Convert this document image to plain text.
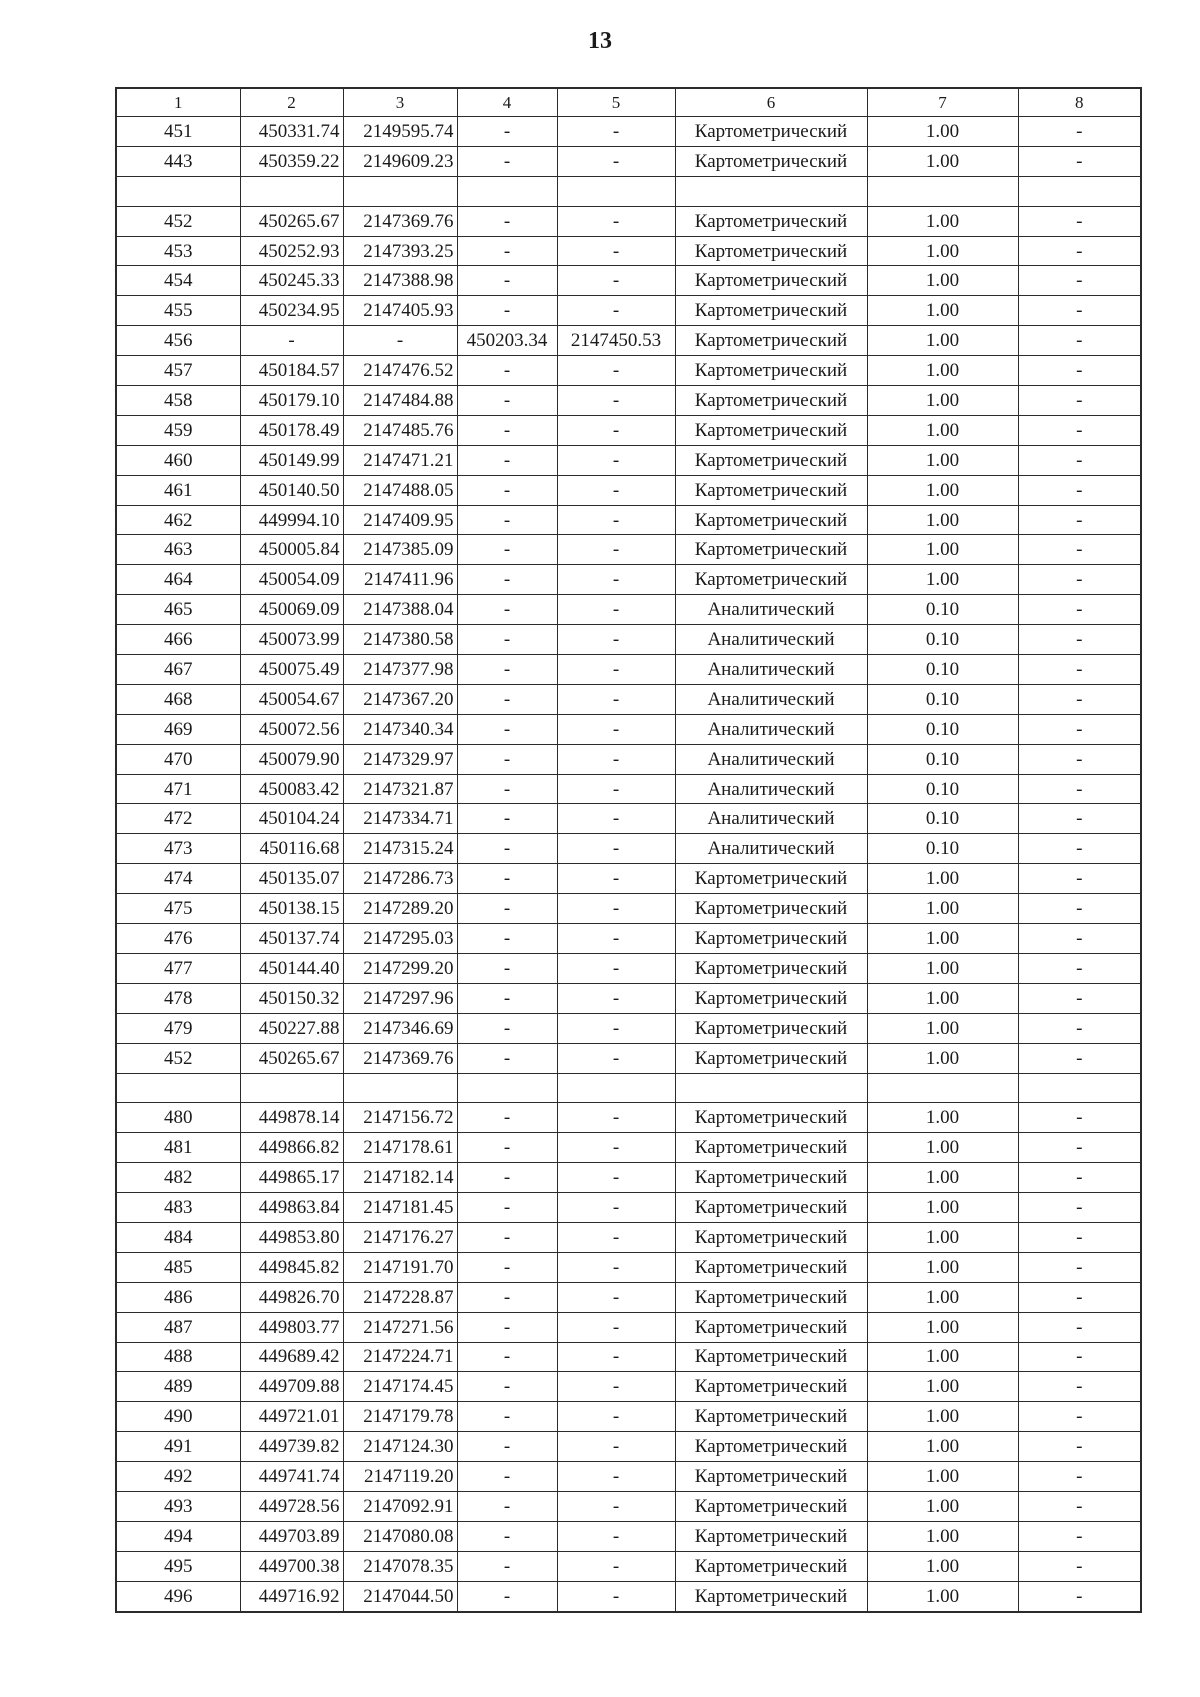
13
1	2	3	4	5	6	7	8
451	450331.74	2149595.74	-	-	Картометрический	1.00	-
443	450359.22	2149609.23	-	-	Картометрический	1.00	-

452	450265.67	2147369.76	-	-	Картометрический	1.00	-
453	450252.93	2147393.25	-	-	Картометрический	1.00	-
454	450245.33	2147388.98	-	-	Картометрический	1.00	-
455	450234.95	2147405.93	-	-	Картометрический	1.00	-
456	-	-	450203.34	2147450.53	Картометрический	1.00	-
457	450184.57	2147476.52	-	-	Картометрический	1.00	-
458	450179.10	2147484.88	-	-	Картометрический	1.00	-
459	450178.49	2147485.76	-	-	Картометрический	1.00	-
460	450149.99	2147471.21	-	-	Картометрический	1.00	-
461	450140.50	2147488.05	-	-	Картометрический	1.00	-
462	449994.10	2147409.95	-	-	Картометрический	1.00	-
463	450005.84	2147385.09	-	-	Картометрический	1.00	-
464	450054.09	2147411.96	-	-	Картометрический	1.00	-
465	450069.09	2147388.04	-	-	Аналитический	0.10	-
466	450073.99	2147380.58	-	-	Аналитический	0.10	-
467	450075.49	2147377.98	-	-	Аналитический	0.10	-
468	450054.67	2147367.20	-	-	Аналитический	0.10	-
469	450072.56	2147340.34	-	-	Аналитический	0.10	-
470	450079.90	2147329.97	-	-	Аналитический	0.10	-
471	450083.42	2147321.87	-	-	Аналитический	0.10	-
472	450104.24	2147334.71	-	-	Аналитический	0.10	-
473	450116.68	2147315.24	-	-	Аналитический	0.10	-
474	450135.07	2147286.73	-	-	Картометрический	1.00	-
475	450138.15	2147289.20	-	-	Картометрический	1.00	-
476	450137.74	2147295.03	-	-	Картометрический	1.00	-
477	450144.40	2147299.20	-	-	Картометрический	1.00	-
478	450150.32	2147297.96	-	-	Картометрический	1.00	-
479	450227.88	2147346.69	-	-	Картометрический	1.00	-
452	450265.67	2147369.76	-	-	Картометрический	1.00	-

480	449878.14	2147156.72	-	-	Картометрический	1.00	-
481	449866.82	2147178.61	-	-	Картометрический	1.00	-
482	449865.17	2147182.14	-	-	Картометрический	1.00	-
483	449863.84	2147181.45	-	-	Картометрический	1.00	-
484	449853.80	2147176.27	-	-	Картометрический	1.00	-
485	449845.82	2147191.70	-	-	Картометрический	1.00	-
486	449826.70	2147228.87	-	-	Картометрический	1.00	-
487	449803.77	2147271.56	-	-	Картометрический	1.00	-
488	449689.42	2147224.71	-	-	Картометрический	1.00	-
489	449709.88	2147174.45	-	-	Картометрический	1.00	-
490	449721.01	2147179.78	-	-	Картометрический	1.00	-
491	449739.82	2147124.30	-	-	Картометрический	1.00	-
492	449741.74	2147119.20	-	-	Картометрический	1.00	-
493	449728.56	2147092.91	-	-	Картометрический	1.00	-
494	449703.89	2147080.08	-	-	Картометрический	1.00	-
495	449700.38	2147078.35	-	-	Картометрический	1.00	-
496	449716.92	2147044.50	-	-	Картометрический	1.00	-
